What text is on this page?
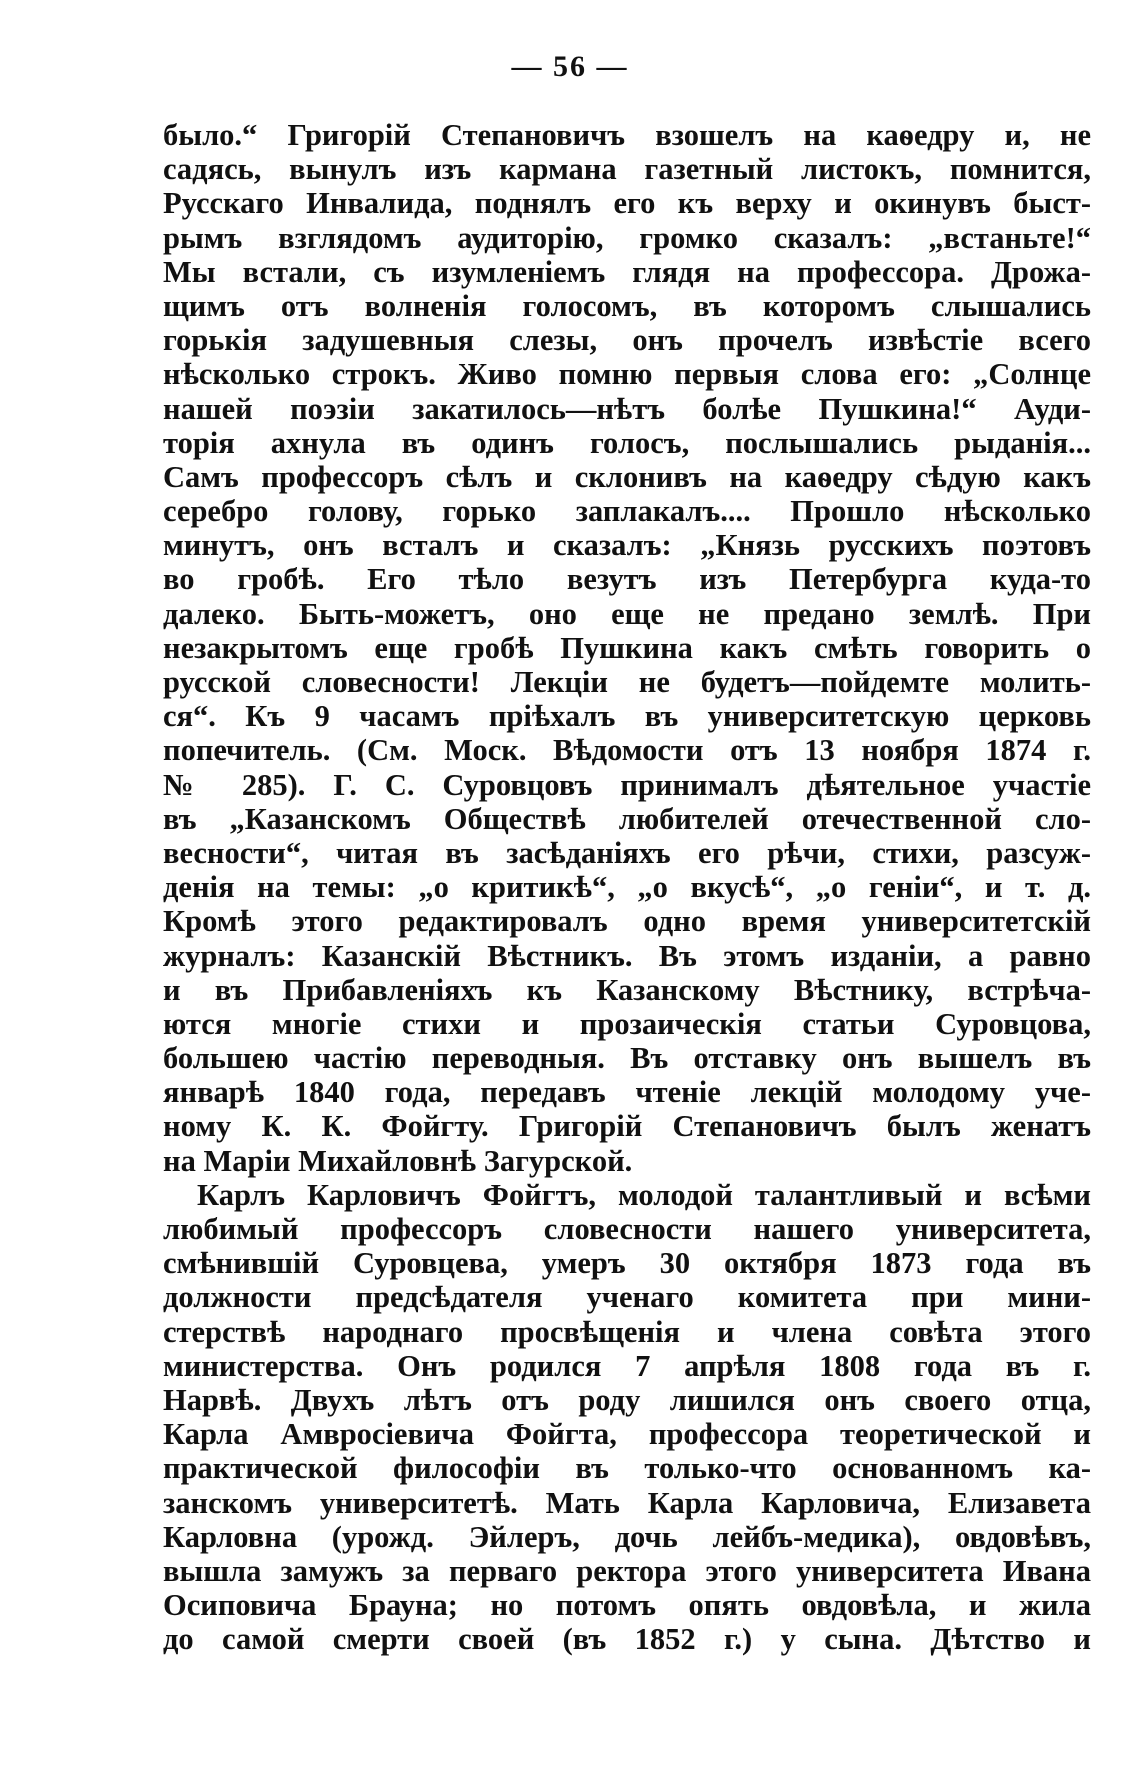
— 56 —
было.“ Григорій Степановичъ взошелъ на каѳедру и, не
садясь, вынулъ изъ кармана газетный листокъ, помнится,
Русскаго Инвалида, поднялъ его къ верху и окинувъ быст-
рымъ взглядомъ аудиторію, громко сказалъ: „встаньте!“
Мы встали, съ изумленіемъ глядя на профессора. Дрожа-
щимъ отъ волненія голосомъ, въ которомъ слышались
горькія задушевныя слезы, онъ прочелъ извѣстіе всего
нѣсколько строкъ. Живо помню первыя слова его: „Солнце
нашей поэзіи закатилось—нѣтъ болѣе Пушкина!“ Ауди-
торія ахнула въ одинъ голосъ, послышались рыданія...
Самъ профессоръ сѣлъ и склонивъ на каѳедру сѣдую какъ
серебро голову, горько заплакалъ.... Прошло нѣсколько
минутъ, онъ всталъ и сказалъ: „Князь русскихъ поэтовъ
во гробѣ. Его тѣло везутъ изъ Петербурга куда-то
далеко. Быть-можетъ, оно еще не предано землѣ. При
незакрытомъ еще гробѣ Пушкина какъ смѣть говорить о
русской словесности! Лекціи не будетъ—пойдемте молить-
ся“. Къ 9 часамъ пріѣхалъ въ университетскую церковь
попечитель. (См. Моск. Вѣдомости отъ 13 ноября 1874 г.
№ 285). Г. С. Суровцовъ принималъ дѣятельное участіе
въ „Казанскомъ Обществѣ любителей отечественной сло-
весности“, читая въ засѣданіяхъ его рѣчи, стихи, разсуж-
денія на темы: „о критикѣ“, „о вкусѣ“, „о геніи“, и т. д.
Кромѣ этого редактировалъ одно время университетскій
журналъ: Казанскій Вѣстникъ. Въ этомъ изданіи, а равно
и въ Прибавленіяхъ къ Казанскому Вѣстнику, встрѣча-
ются многіе стихи и прозаическія статьи Суровцова,
большею частію переводныя. Въ отставку онъ вышелъ въ
январѣ 1840 года, передавъ чтеніе лекцій молодому уче-
ному К. К. Фойгту. Григорій Степановичъ былъ женатъ
на Маріи Михайловнѣ Загурской.
Карлъ Карловичъ Фойгтъ, молодой талантливый и всѣми
любимый профессоръ словесности нашего университета,
смѣнившій Суровцева, умеръ 30 октября 1873 года въ
должности предсѣдателя ученаго комитета при мини-
стерствѣ народнаго просвѣщенія и члена совѣта этого
министерства. Онъ родился 7 апрѣля 1808 года въ г.
Нарвѣ. Двухъ лѣтъ отъ роду лишился онъ своего отца,
Карла Амвросіевича Фойгта, профессора теоретической и
практической философіи въ только-что основанномъ ка-
занскомъ университетѣ. Мать Карла Карловича, Елизавета
Карловна (урожд. Эйлеръ, дочь лейбъ-медика), овдовѣвъ,
вышла замужъ за перваго ректора этого университета Ивана
Осиповича Брауна; но потомъ опять овдовѣла, и жила
до самой смерти своей (въ 1852 г.) у сына. Дѣтство и
